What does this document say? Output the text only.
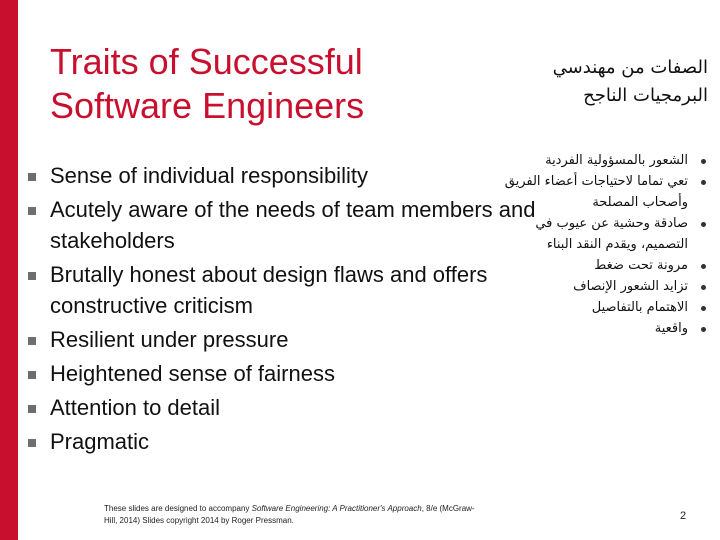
Traits of Successful
Software Engineers
Sense of individual responsibility
Acutely aware of the needs of team members and stakeholders
Brutally honest about design flaws and offers constructive criticism
Resilient under pressure
Heightened sense of fairness
Attention to detail
Pragmatic

الصفات من مهندسي البرمجيات الناجح

الشعور بالمسؤولية الفردية
تعي تماما لاحتياجات أعضاء الفريق وأصحاب المصلحة
صادقة وحشية عن عيوب في التصميم، ويقدم النقد البناء
مرونة تحت ضغط
تزايد الشعور الإنصاف
الاهتمام بالتفاصيل
واقعية
These slides are designed to accompany Software Engineering: A Practitioner's Approach, 8/e (McGraw-Hill, 2014) Slides copyright 2014 by Roger Pressman.	2
